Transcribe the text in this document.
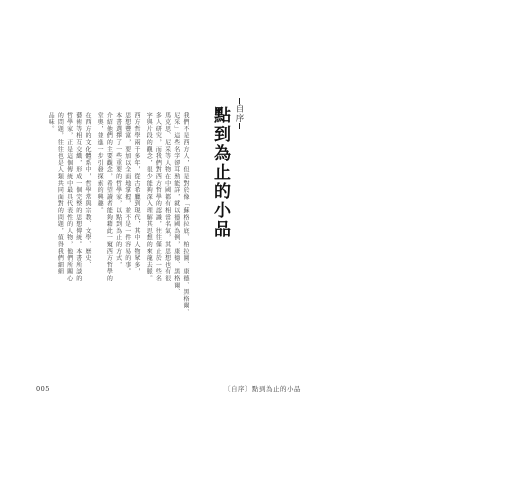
自序
點到為止的小品
我們不是西方人，但是對於像「蘇格拉底、柏拉圖、康德、黑格爾、
尼采」這些名字卻耳熟能詳，就以德國為例，康德、黑格爾、
馬克思、尼采等人物在中國都有相當名氣，其思想也有很
多人研究，而我們對西方哲學的認識，往往僅止於一些名
字與片段的觀念，很少能夠深入理解其思想的來龍去脈。
西方哲學兩千多年，從古希臘到現代，其中人物眾多，
思想豐富，要加以全面地掌握，並不是一件容易的事。
本書選擇了一些重要的哲學家，以點到為止的方式，
介紹他們的主要觀念，希望讀者能夠藉此一窺西方哲學的
堂奧，並進一步引發探索的興趣。
在西方的文化體系中，哲學常與宗教、文學、歷史、
藝術等相互交織，形成一個完整的思想傳統。本書所談的
哲學家，正是這個傳統中最具代表性的人物，他們所關心
的問題，往往也是人類共同面對的問題，值得我們細細
品味。
005	〔自序〕點到為止的小品
